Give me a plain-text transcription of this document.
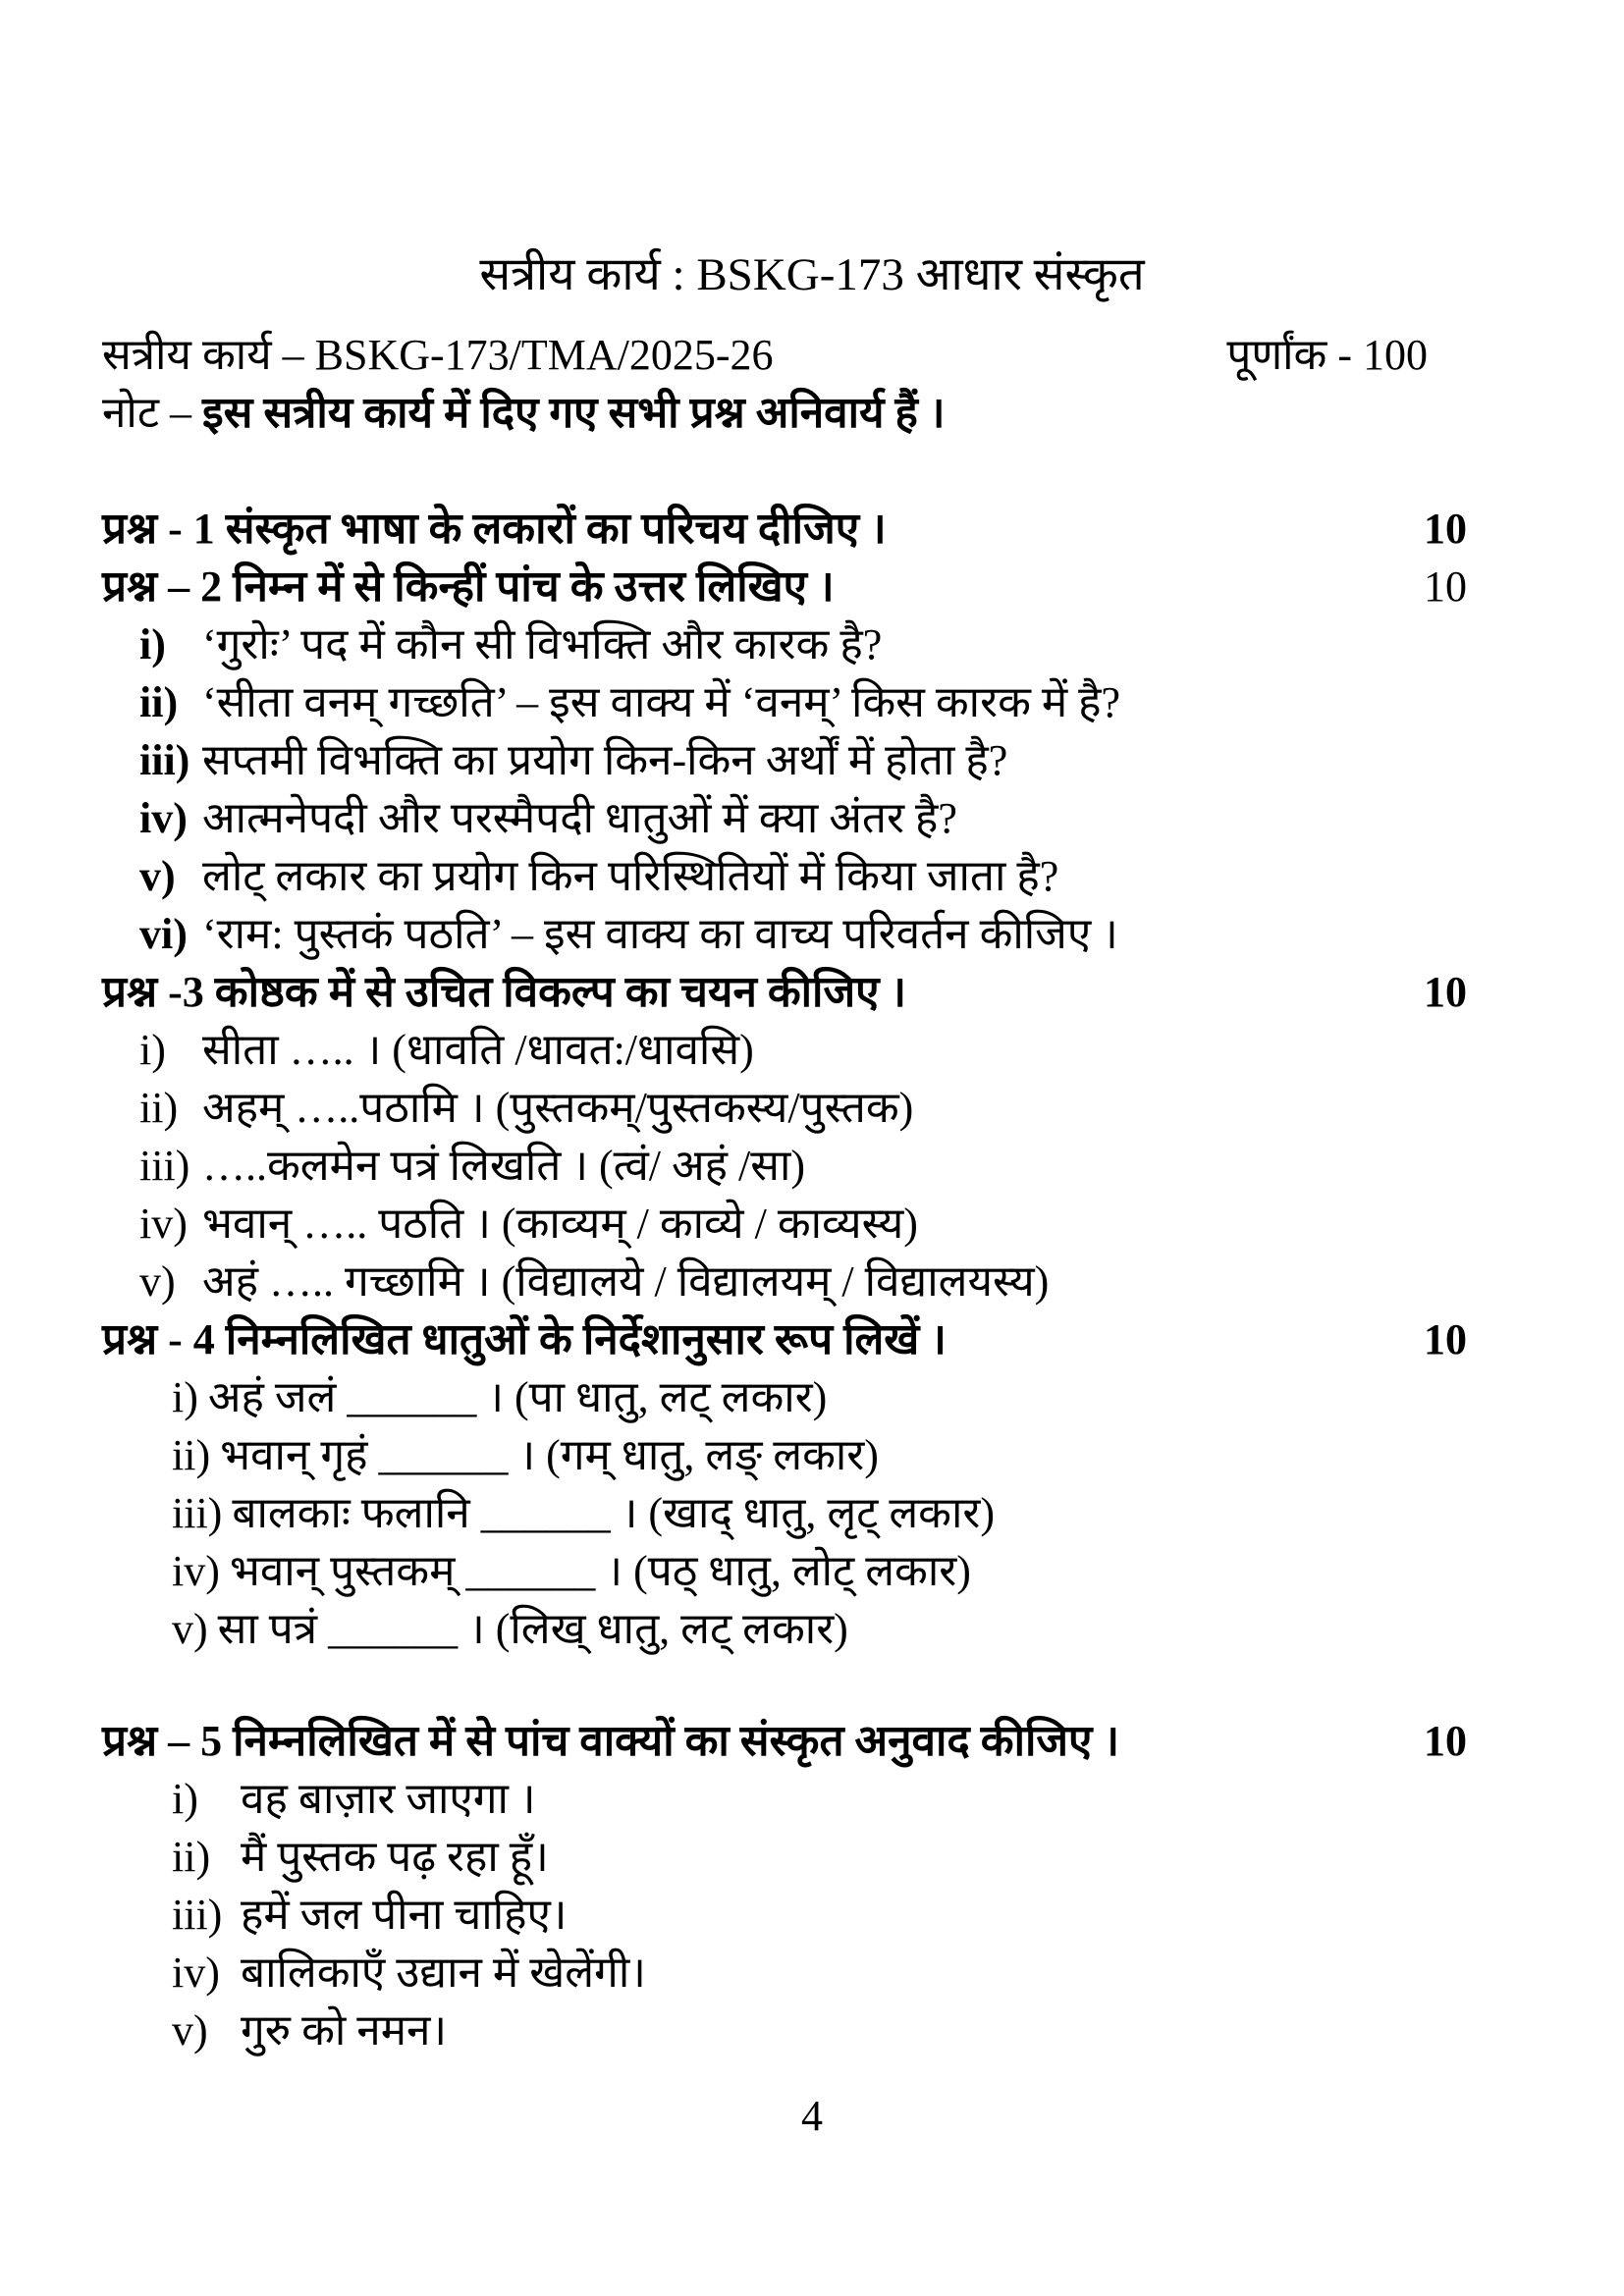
सत्रीय कार्य : BSKG-173 आधार संस्कृत
सत्रीय कार्य – BSKG-173/TMA/2025-26	पूर्णांक - 100
नोट – इस सत्रीय कार्य में दिए गए सभी प्रश्न अनिवार्य हैं ।
प्रश्न - 1 संस्कृत भाषा के लकारों का परिचय दीजिए ।	10
प्रश्न – 2 निम्न में से किन्हीं पांच के उत्तर लिखिए ।	10
i) ‘गुरोः’ पद में कौन सी विभक्ति और कारक है?
ii) ‘सीता वनम् गच्छति’ – इस वाक्य में ‘वनम्’ किस कारक में है?
iii) सप्तमी विभक्ति का प्रयोग किन-किन अर्थों में होता है?
iv) आत्मनेपदी और परस्मैपदी धातुओं में क्या अंतर है?
v) लोट् लकार का प्रयोग किन परिस्थितियों में किया जाता है?
vi) ‘राम: पुस्तकं पठति’ – इस वाक्य का वाच्य परिवर्तन कीजिए ।
प्रश्न -3 कोष्ठक में से उचित विकल्प का चयन कीजिए ।	10
i) सीता ….. । (धावति /धावत:/धावसि)
ii) अहम् …..पठामि । (पुस्तकम्/पुस्तकस्य/पुस्तक)
iii) …..कलमेन पत्रं लिखति । (त्वं/ अहं /सा)
iv) भवान् ….. पठति । (काव्यम् / काव्ये / काव्यस्य)
v) अहं ….. गच्छामि । (विद्यालये / विद्यालयम् / विद्यालयस्य)
प्रश्न - 4 निम्नलिखित धातुओं के निर्देशानुसार रूप लिखें ।	10
i) अहं जलं ______ । (पा धातु, लट् लकार)
ii) भवान् गृहं ______ । (गम् धातु, लङ् लकार)
iii) बालकाः फलानि ______ । (खाद् धातु, लृट् लकार)
iv) भवान् पुस्तकम् ______ । (पठ् धातु, लोट् लकार)
v) सा पत्रं ______ । (लिख् धातु, लट् लकार)
प्रश्न – 5 निम्नलिखित में से पांच वाक्यों का संस्कृत अनुवाद कीजिए ।	10
i) वह बाज़ार जाएगा ।
ii) मैं पुस्तक पढ़ रहा हूँ।
iii) हमें जल पीना चाहिए।
iv) बालिकाएँ उद्यान में खेलेंगी।
v) गुरु को नमन।
4
